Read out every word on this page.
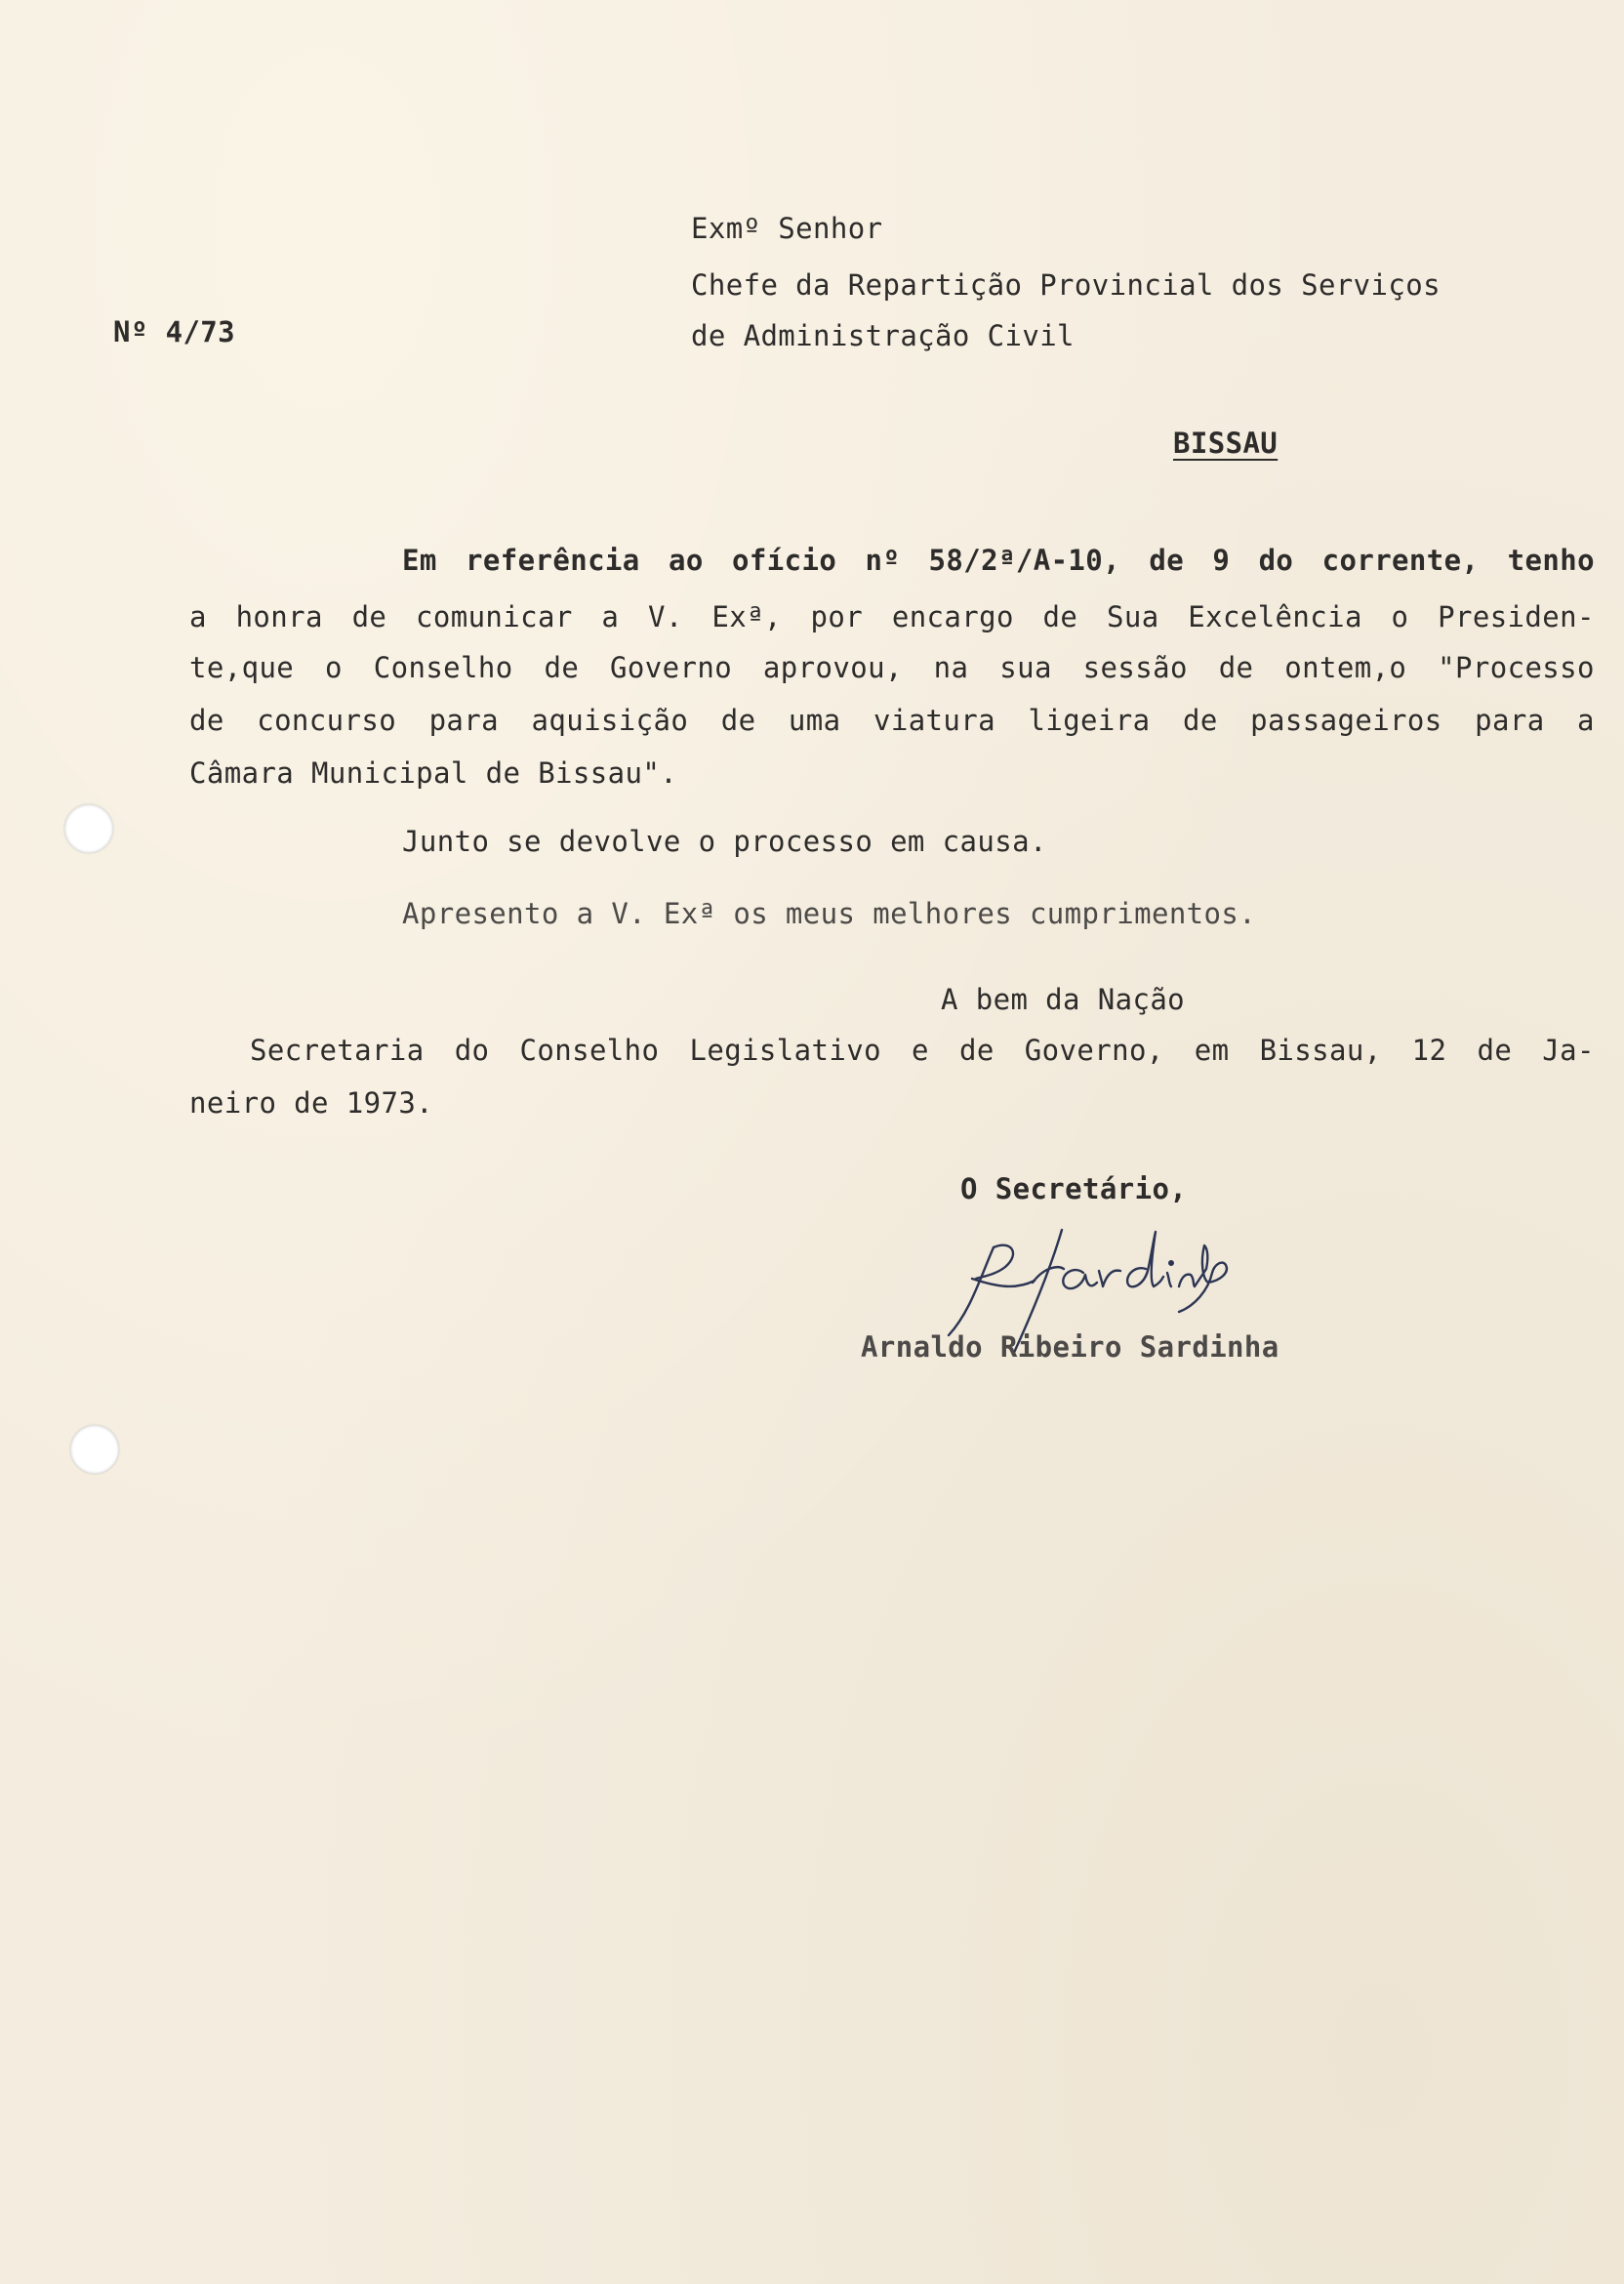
Exmº Senhor
Chefe da Repartição Provincial dos Serviços
Nº 4/73	de Administração Civil
BISSAU
Em referência ao ofício nº 58/2ª/A-10, de 9 do corrente, tenho
a honra de comunicar a V. Exª, por encargo de Sua Excelência o Presiden-
te,que o Conselho de Governo aprovou, na sua sessão de ontem,o "Processo
de concurso para aquisição de uma viatura ligeira de passageiros para a
Câmara Municipal de Bissau".
Junto se devolve o processo em causa.
Apresento a V. Exª os meus melhores cumprimentos.
A bem da Nação
Secretaria do Conselho Legislativo e de Governo, em Bissau, 12 de Ja-
neiro de 1973.
O Secretário,
Arnaldo Ribeiro Sardinha
